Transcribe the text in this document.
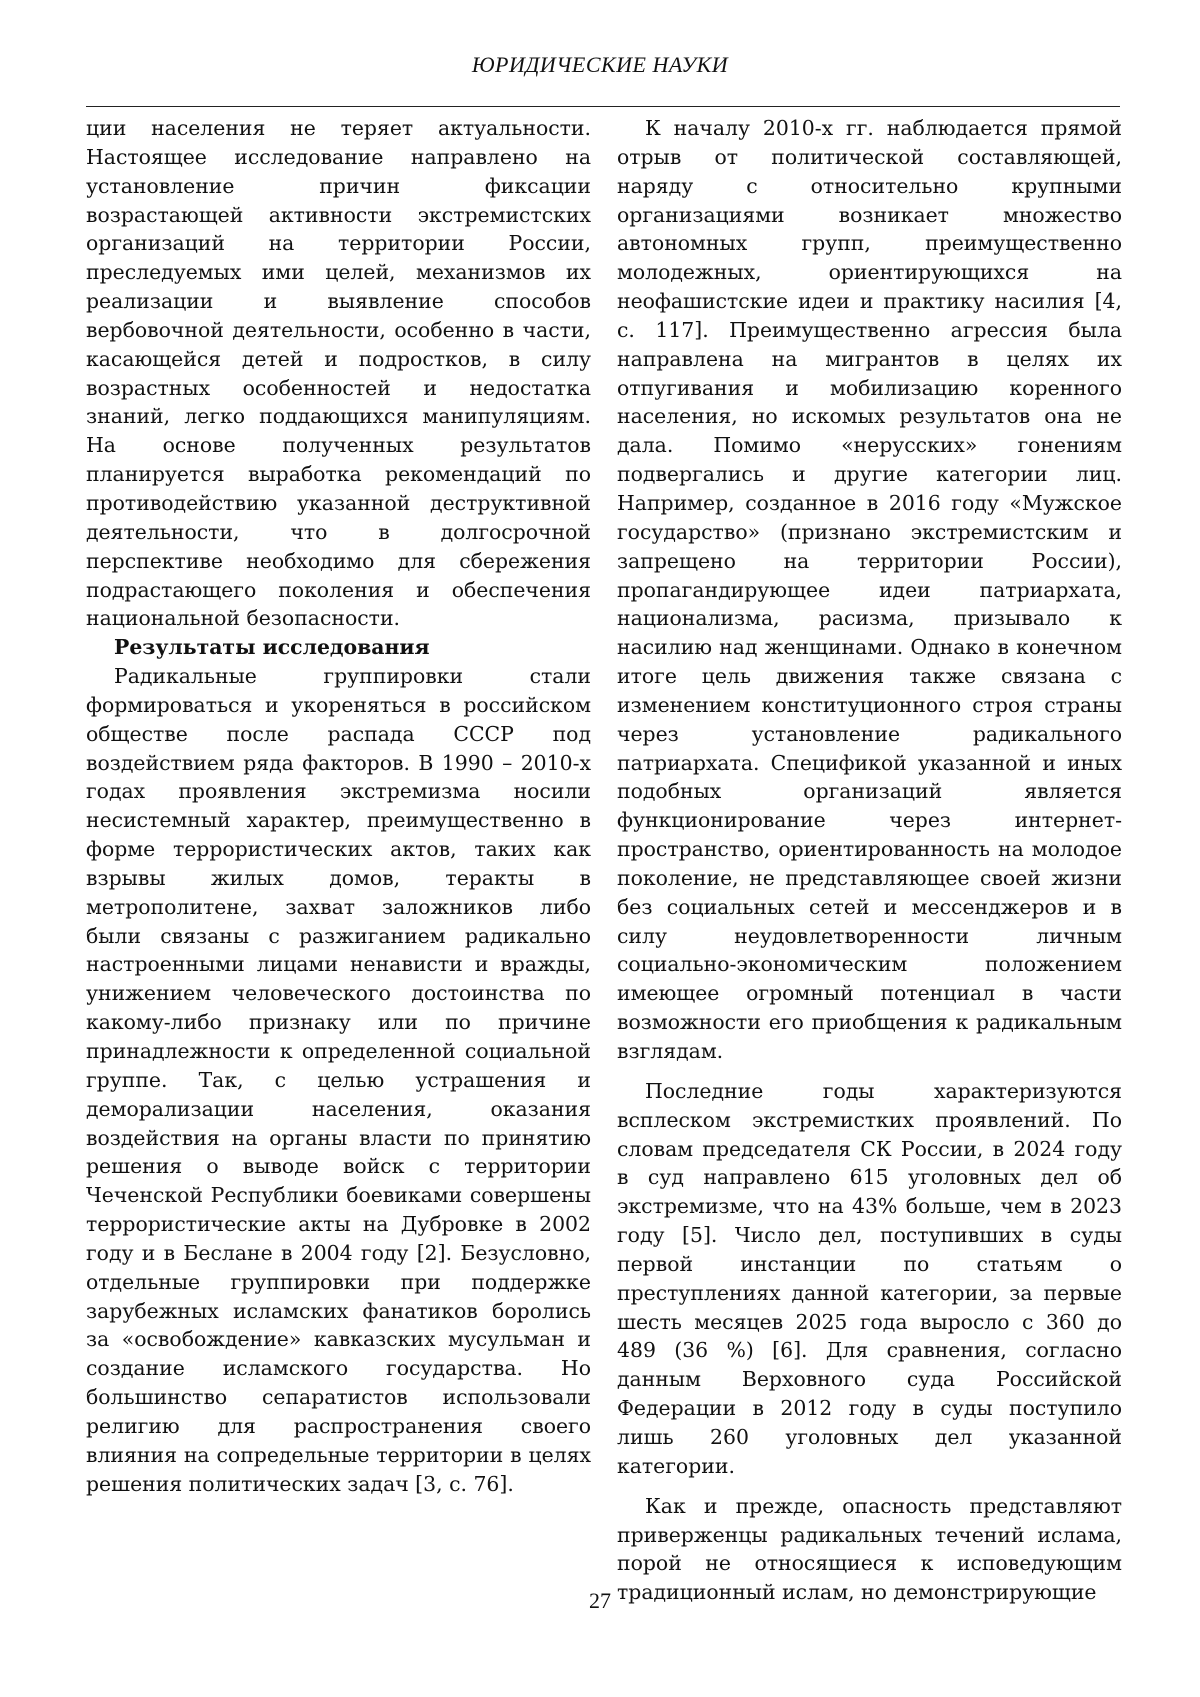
ЮРИДИЧЕСКИЕ НАУКИ

ции населения не теряет актуальности. Настоящее исследование направлено на установление причин фиксации возрастающей активности экстремистских организаций на территории России, преследуемых ими целей, механизмов их реализации и выявление способов вербовочной деятельности, особенно в части, касающейся детей и подростков, в силу возрастных особенностей и недостатка знаний, легко поддающихся манипуляциям. На основе полученных результатов планируется выработка рекомендаций по противодействию указанной деструктивной деятельности, что в долгосрочной перспективе необходимо для сбережения подрастающего поколения и обеспечения национальной безопасности.

Результаты исследования

Радикальные группировки стали формироваться и укореняться в российском обществе после распада СССР под воздействием ряда факторов. В 1990 – 2010-х годах проявления экстремизма носили несистемный характер, преимущественно в форме террористических актов, таких как взрывы жилых домов, теракты в метрополитене, захват заложников либо были связаны с разжиганием радикально настроенными лицами ненависти и вражды, унижением человеческого достоинства по какому-либо признаку или по причине принадлежности к определенной социальной группе. Так, с целью устрашения и деморализации населения, оказания воздействия на органы власти по принятию решения о выводе войск с территории Чеченской Республики боевиками совершены террористические акты на Дубровке в 2002 году и в Беслане в 2004 году [2]. Безусловно, отдельные группировки при поддержке зарубежных исламских фанатиков боролись за «освобождение» кавказских мусульман и создание исламского государства. Но большинство сепаратистов использовали религию для распространения своего влияния на сопредельные территории в целях решения политических задач [3, с. 76].

К началу 2010-х гг. наблюдается прямой отрыв от политической составляющей, наряду с относительно крупными организациями возникает множество автономных групп, преимущественно молодежных, ориентирующихся на неофашистские идеи и практику насилия [4, с. 117]. Преимущественно агрессия была направлена на мигрантов в целях их отпугивания и мобилизацию коренного населения, но искомых результатов она не дала. Помимо «нерусских» гонениям подвергались и другие категории лиц. Например, созданное в 2016 году «Мужское государство» (признано экстремистским и запрещено на территории России), пропагандирующее идеи патриархата, национализма, расизма, призывало к насилию над женщинами. Однако в конечном итоге цель движения также связана с изменением конституционного строя страны через установление радикального патриархата. Спецификой указанной и иных подобных организаций является функционирование через интернет-пространство, ориентированность на молодое поколение, не представляющее своей жизни без социальных сетей и мессенджеров и в силу неудовлетворенности личным социально-экономическим положением имеющее огромный потенциал в части возможности его приобщения к радикальным взглядам.

Последние годы характеризуются всплеском экстремистких проявлений. По словам председателя СК России, в 2024 году в суд направлено 615 уголовных дел об экстремизме, что на 43% больше, чем в 2023 году [5]. Число дел, поступивших в суды первой инстанции по статьям о преступлениях данной категории, за первые шесть месяцев 2025 года выросло с 360 до 489 (36 %) [6]. Для сравнения, согласно данным Верховного суда Российской Федерации в 2012 году в суды поступило лишь 260 уголовных дел указанной категории.

Как и прежде, опасность представляют приверженцы радикальных течений ислама, порой не относящиеся к исповедующим традиционный ислам, но демонстрирующие

27
